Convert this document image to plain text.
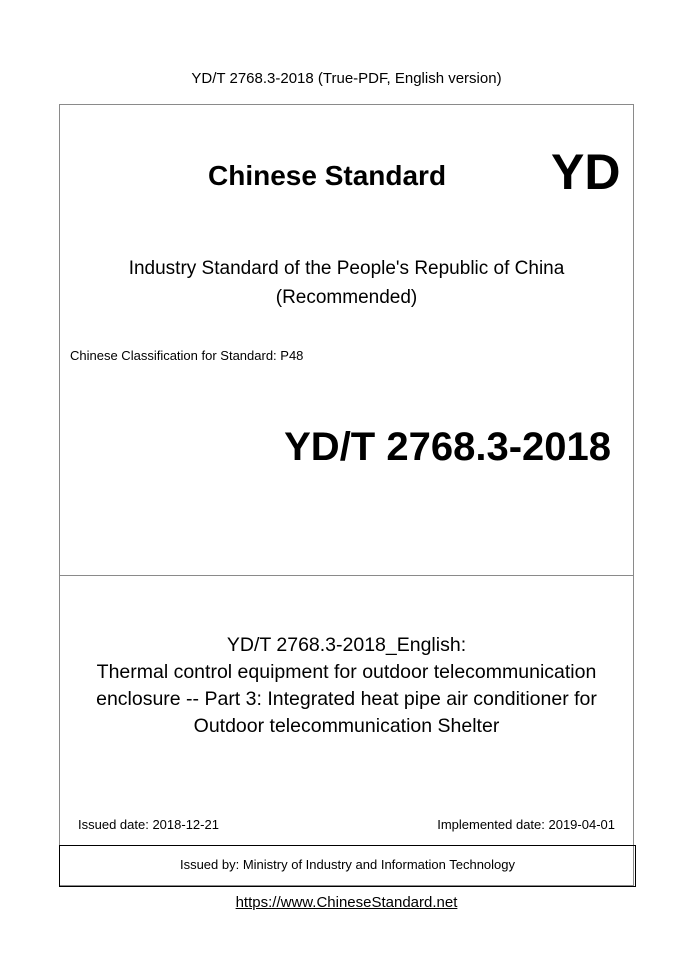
YD/T 2768.3-2018 (True-PDF, English version)
Chinese Standard YD
Industry Standard of the People's Republic of China
(Recommended)
Chinese Classification for Standard: P48
YD/T 2768.3-2018
YD/T 2768.3-2018_English:
Thermal control equipment for outdoor telecommunication
enclosure -- Part 3: Integrated heat pipe air conditioner for
Outdoor telecommunication Shelter
Issued date: 2018-12-21	Implemented date: 2019-04-01
Issued by: Ministry of Industry and Information Technology
https://www.ChineseStandard.net
